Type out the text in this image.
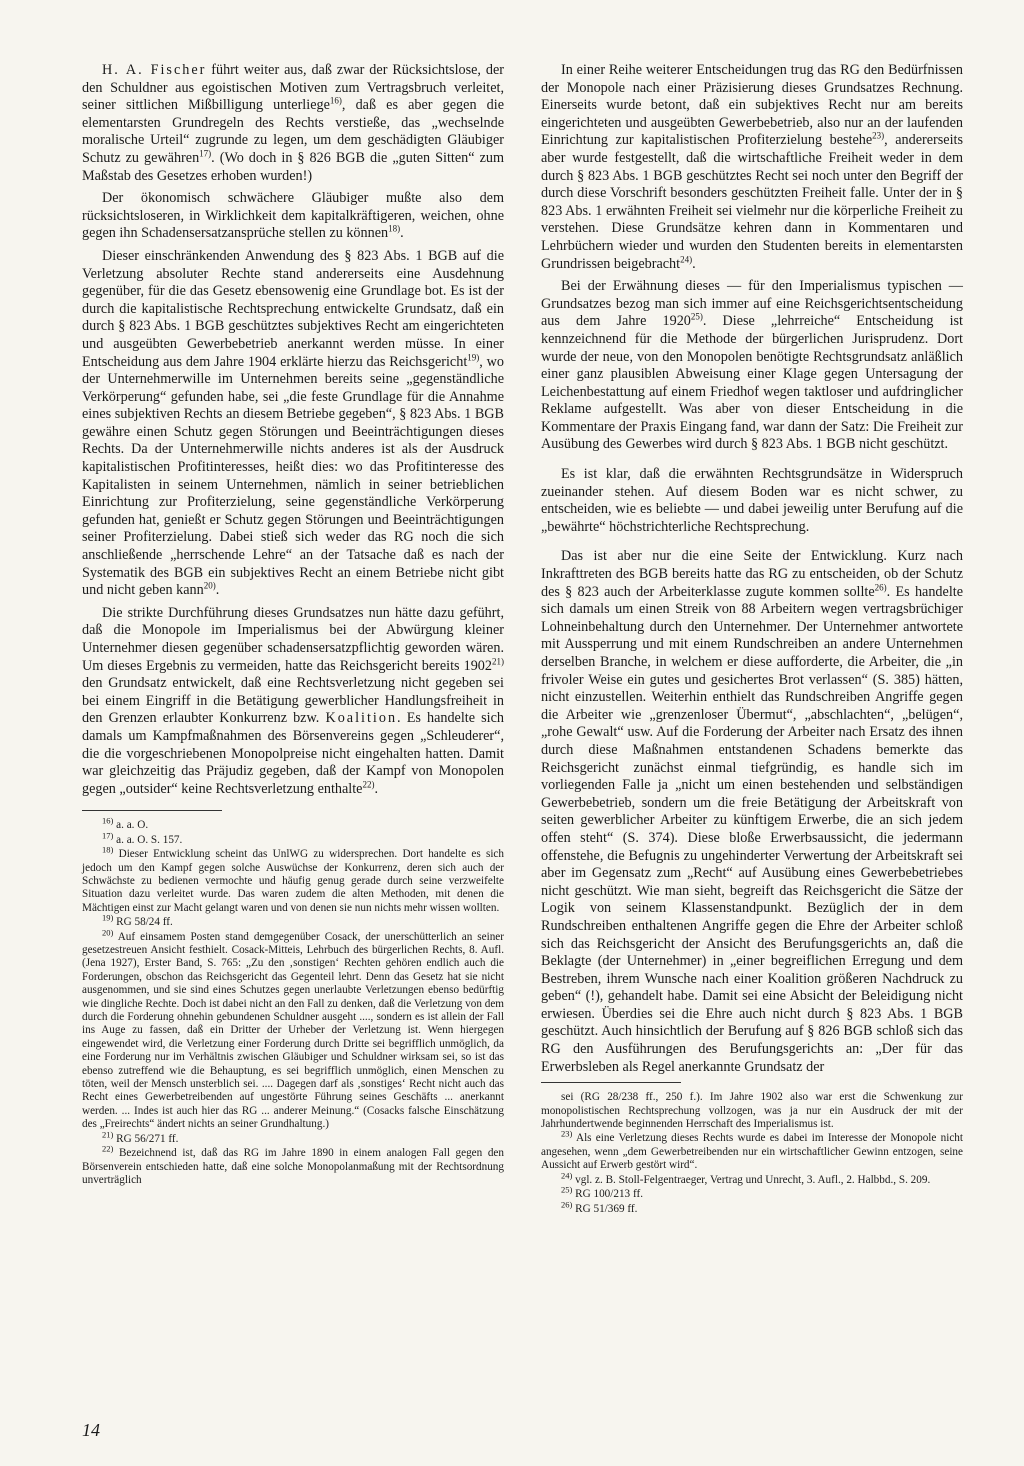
H. A. Fischer führt weiter aus, daß zwar der Rücksichtslose, der den Schuldner aus egoistischen Motiven zum Vertragsbruch verleitet, seiner sittlichen Mißbilligung unterliege$^{16)}$, daß es aber gegen die elementarsten Grundregeln des Rechts verstieße, das „wechselnde moralische Urteil“ zugrunde zu legen, um dem geschädigten Gläubiger Schutz zu gewähren$^{17)}$. (Wo doch in § 826 BGB die „guten Sitten“ zum Maßstab des Gesetzes erhoben wurden!)

Der ökonomisch schwächere Gläubiger mußte also dem rücksichtsloseren, in Wirklichkeit dem kapitalkräftigeren, weichen, ohne gegen ihn Schadensersatzansprüche stellen zu können$^{18)}$.

Dieser einschränkenden Anwendung des § 823 Abs. 1 BGB auf die Verletzung absoluter Rechte stand andererseits eine Ausdehnung gegenüber, für die das Gesetz ebensowenig eine Grundlage bot. Es ist der durch die kapitalistische Rechtsprechung entwickelte Grundsatz, daß ein durch § 823 Abs. 1 BGB geschütztes subjektives Recht am eingerichteten und ausgeübten Gewerbebetrieb anerkannt werden müsse. In einer Entscheidung aus dem Jahre 1904 erklärte hierzu das Reichsgericht$^{19)}$, wo der Unternehmerwille im Unternehmen bereits seine „gegenständliche Verkörperung“ gefunden habe, sei „die feste Grundlage für die Annahme eines subjektiven Rechts an diesem Betriebe gegeben“, § 823 Abs. 1 BGB gewähre einen Schutz gegen Störungen und Beeinträchtigungen dieses Rechts. Da der Unternehmerwille nichts anderes ist als der Ausdruck kapitalistischen Profitinteresses, heißt dies: wo das Profitinteresse des Kapitalisten in seinem Unternehmen, nämlich in seiner betrieblichen Einrichtung zur Profiterzielung, seine gegenständliche Verkörperung gefunden hat, genießt er Schutz gegen Störungen und Beeinträchtigungen seiner Profiterzielung. Dabei stieß sich weder das RG noch die sich anschließende „herrschende Lehre“ an der Tatsache daß es nach der Systematik des BGB ein subjektives Recht an einem Betriebe nicht gibt und nicht geben kann$^{20)}$.

Die strikte Durchführung dieses Grundsatzes nun hätte dazu geführt, daß die Monopole im Imperialismus bei der Abwürgung kleiner Unternehmer diesen gegenüber schadensersatzpflichtig geworden wären. Um dieses Ergebnis zu vermeiden, hatte das Reichsgericht bereits 1902$^{21)}$ den Grundsatz entwickelt, daß eine Rechtsverletzung nicht gegeben sei bei einem Eingriff in die Betätigung gewerblicher Handlungsfreiheit in den Grenzen erlaubter Konkurrenz bzw. Koalition. Es handelte sich damals um Kampfmaßnahmen des Börsenvereins gegen „Schleuderer“, die die vorgeschriebenen Monopolpreise nicht eingehalten hatten. Damit war gleichzeitig das Präjudiz gegeben, daß der Kampf von Monopolen gegen „outsider“ keine Rechtsverletzung enthalte$^{22)}$.

$^{16)}$ a. a. O.

$^{17)}$ a. a. O. S. 157.

$^{18)}$ Dieser Entwicklung scheint das UnlWG zu widersprechen. Dort handelte es sich jedoch um den Kampf gegen solche Auswüchse der Konkurrenz, deren sich auch der Schwächste zu bedienen vermochte und häufig genug gerade durch seine verzweifelte Situation dazu verleitet wurde. Das waren zudem die alten Methoden, mit denen die Mächtigen einst zur Macht gelangt waren und von denen sie nun nichts mehr wissen wollten.

$^{19)}$ RG 58/24 ff.

$^{20)}$ Auf einsamem Posten stand demgegenüber Cosack, der unerschütterlich an seiner gesetzestreuen Ansicht festhielt. Cosack-Mitteis, Lehrbuch des bürgerlichen Rechts, 8. Aufl. (Jena 1927), Erster Band, S. 765: „Zu den ‚sonstigen‘ Rechten gehören endlich auch die Forderungen, obschon das Reichsgericht das Gegenteil lehrt. Denn das Gesetz hat sie nicht ausgenommen, und sie sind eines Schutzes gegen unerlaubte Verletzungen ebenso bedürftig wie dingliche Rechte. Doch ist dabei nicht an den Fall zu denken, daß die Verletzung von dem durch die Forderung ohnehin gebundenen Schuldner ausgeht ...., sondern es ist allein der Fall ins Auge zu fassen, daß ein Dritter der Urheber der Verletzung ist. Wenn hiergegen eingewendet wird, die Verletzung einer Forderung durch Dritte sei begrifflich unmöglich, da eine Forderung nur im Verhältnis zwischen Gläubiger und Schuldner wirksam sei, so ist das ebenso zutreffend wie die Behauptung, es sei begrifflich unmöglich, einen Menschen zu töten, weil der Mensch unsterblich sei. .... Dagegen darf als ‚sonstiges‘ Recht nicht auch das Recht eines Gewerbetreibenden auf ungestörte Führung seines Geschäfts ... anerkannt werden. ... Indes ist auch hier das RG ... anderer Meinung.“ (Cosacks falsche Einschätzung des „Freirechts“ ändert nichts an seiner Grundhaltung.)

$^{21)}$ RG 56/271 ff.

$^{22)}$ Bezeichnend ist, daß das RG im Jahre 1890 in einem analogen Fall gegen den Börsenverein entschieden hatte, daß eine solche Monopolanmaßung mit der Rechtsordnung unverträglich

In einer Reihe weiterer Entscheidungen trug das RG den Bedürfnissen der Monopole nach einer Präzisierung dieses Grundsatzes Rechnung. Einerseits wurde betont, daß ein subjektives Recht nur am bereits eingerichteten und ausgeübten Gewerbebetrieb, also nur an der laufenden Einrichtung zur kapitalistischen Profiterzielung bestehe$^{23)}$, andererseits aber wurde festgestellt, daß die wirtschaftliche Freiheit weder in dem durch § 823 Abs. 1 BGB geschütztes Recht sei noch unter den Begriff der durch diese Vorschrift besonders geschützten Freiheit falle. Unter der in § 823 Abs. 1 erwähnten Freiheit sei vielmehr nur die körperliche Freiheit zu verstehen. Diese Grundsätze kehren dann in Kommentaren und Lehrbüchern wieder und wurden den Studenten bereits in elementarsten Grundrissen beigebracht$^{24)}$.

Bei der Erwähnung dieses — für den Imperialismus typischen — Grundsatzes bezog man sich immer auf eine Reichsgerichtsentscheidung aus dem Jahre 1920$^{25)}$. Diese „lehrreiche“ Entscheidung ist kennzeichnend für die Methode der bürgerlichen Jurisprudenz. Dort wurde der neue, von den Monopolen benötigte Rechtsgrundsatz anläßlich einer ganz plausiblen Abweisung einer Klage gegen Untersagung der Leichenbestattung auf einem Friedhof wegen taktloser und aufdringlicher Reklame aufgestellt. Was aber von dieser Entscheidung in die Kommentare der Praxis Eingang fand, war dann der Satz: Die Freiheit zur Ausübung des Gewerbes wird durch § 823 Abs. 1 BGB nicht geschützt.

Es ist klar, daß die erwähnten Rechtsgrundsätze in Widerspruch zueinander stehen. Auf diesem Boden war es nicht schwer, zu entscheiden, wie es beliebte — und dabei jeweilig unter Berufung auf die „bewährte“ höchstrichterliche Rechtsprechung.

Das ist aber nur die eine Seite der Entwicklung. Kurz nach Inkrafttreten des BGB bereits hatte das RG zu entscheiden, ob der Schutz des § 823 auch der Arbeiterklasse zugute kommen sollte$^{26)}$. Es handelte sich damals um einen Streik von 88 Arbeitern wegen vertragsbrüchiger Lohneinbehaltung durch den Unternehmer. Der Unternehmer antwortete mit Aussperrung und mit einem Rundschreiben an andere Unternehmen derselben Branche, in welchem er diese aufforderte, die Arbeiter, die „in frivoler Weise ein gutes und gesichertes Brot verlassen“ (S. 385) hätten, nicht einzustellen. Weiterhin enthielt das Rundschreiben Angriffe gegen die Arbeiter wie „grenzenloser Übermut“, „abschlachten“, „belügen“, „rohe Gewalt“ usw. Auf die Forderung der Arbeiter nach Ersatz des ihnen durch diese Maßnahmen entstandenen Schadens bemerkte das Reichsgericht zunächst einmal tiefgründig, es handle sich im vorliegenden Falle ja „nicht um einen bestehenden und selbständigen Gewerbebetrieb, sondern um die freie Betätigung der Arbeitskraft von seiten gewerblicher Arbeiter zu künftigem Erwerbe, die an sich jedem offen steht“ (S. 374). Diese bloße Erwerbsaussicht, die jedermann offenstehe, die Befugnis zu ungehinderter Verwertung der Arbeitskraft sei aber im Gegensatz zum „Recht“ auf Ausübung eines Gewerbebetriebes nicht geschützt. Wie man sieht, begreift das Reichsgericht die Sätze der Logik von seinem Klassenstandpunkt. Bezüglich der in dem Rundschreiben enthaltenen Angriffe gegen die Ehre der Arbeiter schloß sich das Reichsgericht der Ansicht des Berufungsgerichts an, daß die Beklagte (der Unternehmer) in „einer begreiflichen Erregung und dem Bestreben, ihrem Wunsche nach einer Koalition größeren Nachdruck zu geben“ (!), gehandelt habe. Damit sei eine Absicht der Beleidigung nicht erwiesen. Überdies sei die Ehre auch nicht durch § 823 Abs. 1 BGB geschützt. Auch hinsichtlich der Berufung auf § 826 BGB schloß sich das RG den Ausführungen des Berufungsgerichts an: „Der für das Erwerbsleben als Regel anerkannte Grundsatz der

sei (RG 28/238 ff., 250 f.). Im Jahre 1902 also war erst die Schwenkung zur monopolistischen Rechtsprechung vollzogen, was ja nur ein Ausdruck der mit der Jahrhundertwende beginnenden Herrschaft des Imperialismus ist.

$^{23)}$ Als eine Verletzung dieses Rechts wurde es dabei im Interesse der Monopole nicht angesehen, wenn „dem Gewerbetreibenden nur ein wirtschaftlicher Gewinn entzogen, seine Aussicht auf Erwerb gestört wird“.

$^{24)}$ vgl. z. B. Stoll-Felgentraeger, Vertrag und Unrecht, 3. Aufl., 2. Halbbd., S. 209.

$^{25)}$ RG 100/213 ff.

$^{26)}$ RG 51/369 ff.

14
